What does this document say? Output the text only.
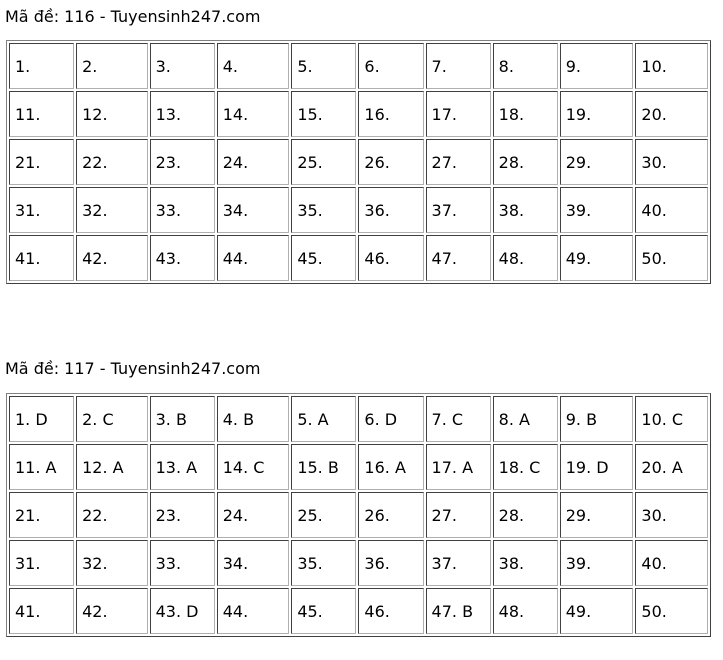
Mã đề: 116 - Tuyensinh247.com
1.	2.	3.	4.	5.	6.	7.	8.	9.	10.
11.	12.	13.	14.	15.	16.	17.	18.	19.	20.
21.	22.	23.	24.	25.	26.	27.	28.	29.	30.
31.	32.	33.	34.	35.	36.	37.	38.	39.	40.
41.	42.	43.	44.	45.	46.	47.	48.	49.	50.
Mã đề: 117 - Tuyensinh247.com
1. D	2. C	3. B	4. B	5. A	6. D	7. C	8. A	9. B	10. C
11. A	12. A	13. A	14. C	15. B	16. A	17. A	18. C	19. D	20. A
21.	22.	23.	24.	25.	26.	27.	28.	29.	30.
31.	32.	33.	34.	35.	36.	37.	38.	39.	40.
41.	42.	43. D	44.	45.	46.	47. B	48.	49.	50.
